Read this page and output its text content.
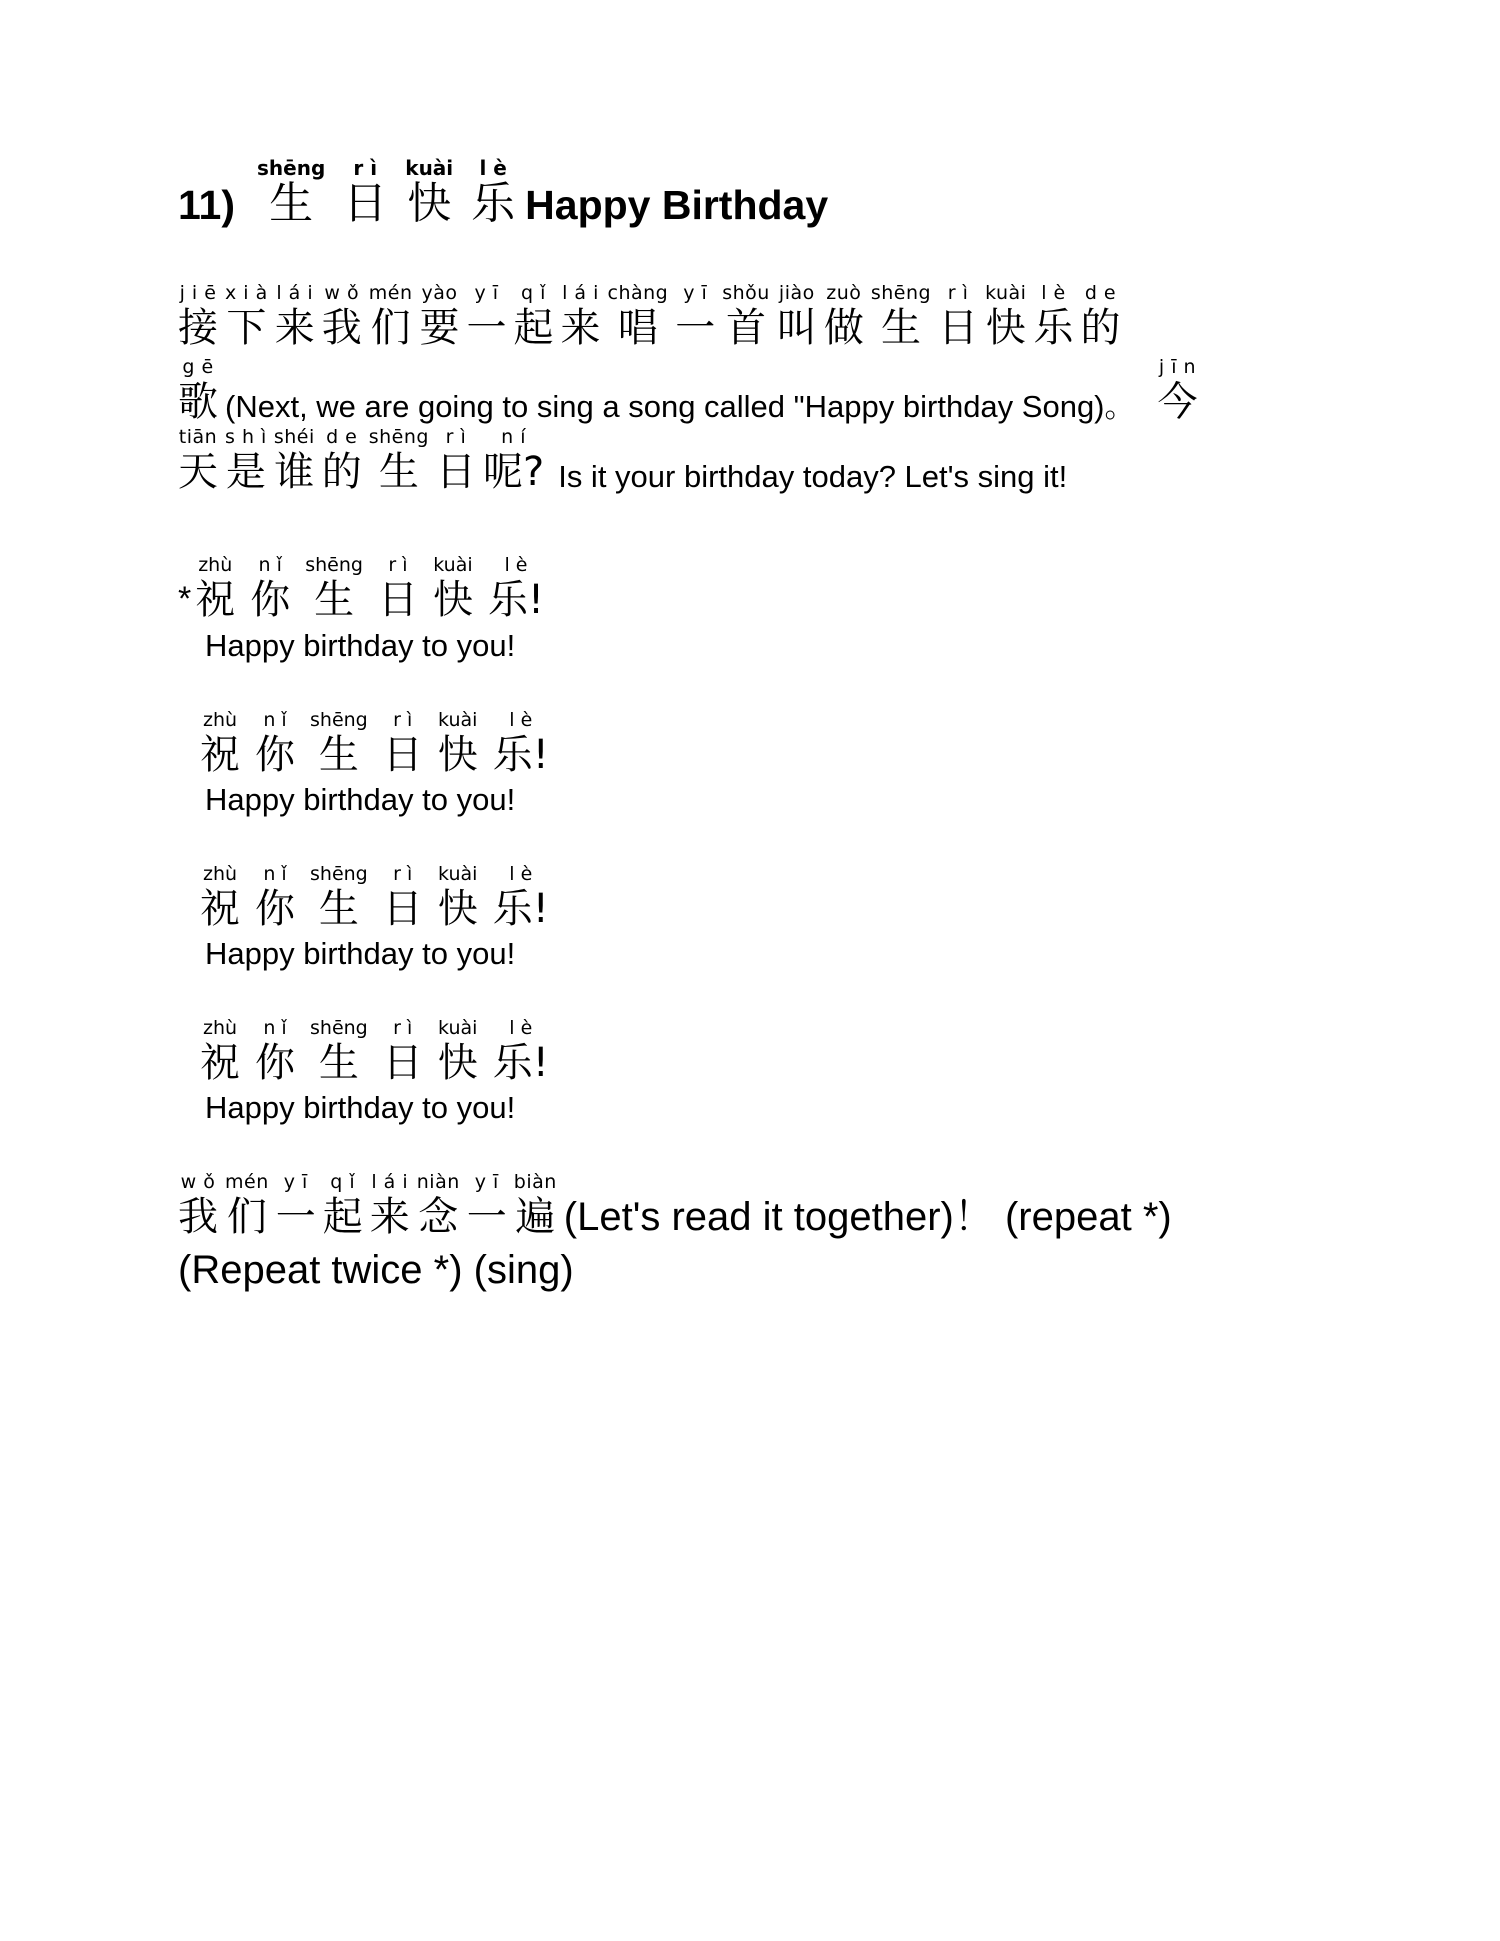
11)
shēng
生
r ì
日
kuài
快
l è
乐 Happy Birthday
j i ē
接
x i à
下
l á i
来
w ǒ
我
mén
们
yào
要
y ī
一
q ǐ
起
l á i
来
chàng
唱
y ī
一
shǒu
首
jiào
叫
zuò
做
shēng
生
r ì
日
kuài
快
l è
乐
d e
的
g ē
歌 (Next, we are going to sing a song called "Happy birthday Song)。
j ī n
今
tiān
天
s h ì
是
shéi
谁
d e
的
shēng
生
r ì
日
n í
呢? Is it your birthday today? Let's sing it!
*
zhù
祝
n ǐ
你
shēng
生
r ì
日
kuài
快
l è
乐!
Happy birthday to you!
zhù
祝
n ǐ
你
shēng
生
r ì
日
kuài
快
l è
乐!
Happy birthday to you!
zhù
祝
n ǐ
你
shēng
生
r ì
日
kuài
快
l è
乐!
Happy birthday to you!
zhù
祝
n ǐ
你
shēng
生
r ì
日
kuài
快
l è
乐!
Happy birthday to you!
w ǒ
我
mén
们
y ī
一
q ǐ
起
l á i
来
niàn
念
y ī
一
biàn
遍 (Let's read it together)！ (repeat *)
(Repeat twice *) (sing)
